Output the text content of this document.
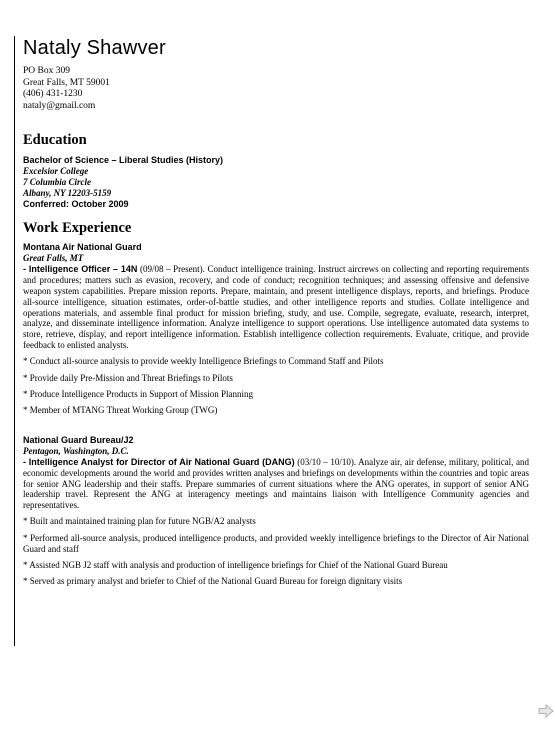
Nataly Shawver
PO Box 309
Great Falls, MT 59001
(406) 431-1230
nataly@gmail.com
Education
Bachelor of Science – Liberal Studies (History)
Excelsior College
7 Columbia Circle
Albany, NY 12203-5159
Conferred: October 2009
Work Experience
Montana Air National Guard
Great Falls, MT
- Intelligence Officer – 14N (09/08 – Present). Conduct intelligence training. Instruct aircrews on collecting and reporting requirements and procedures; matters such as evasion, recovery, and code of conduct; recognition techniques; and assessing offensive and defensive weapon system capabilities. Prepare mission reports. Prepare, maintain, and present intelligence displays, reports, and briefings. Produce all-source intelligence, situation estimates, order-of-battle studies, and other intelligence reports and studies. Collate intelligence and operations materials, and assemble final product for mission briefing, study, and use. Compile, segregate, evaluate, research, interpret, analyze, and disseminate intelligence information. Analyze intelligence to support operations. Use intelligence automated data systems to store, retrieve, display, and report intelligence information. Establish intelligence collection requirements. Evaluate, critique, and provide feedback to enlisted analysts.
* Conduct all-source analysis to provide weekly Intelligence Briefings to Command Staff and Pilots
* Provide daily Pre-Mission and Threat Briefings to Pilots
* Produce Intelligence Products in Support of Mission Planning
* Member of MTANG Threat Working Group (TWG)
National Guard Bureau/J2
Pentagon, Washington, D.C.
- Intelligence Analyst for Director of Air National Guard (DANG) (03/10 – 10/10). Analyze air, air defense, military, political, and economic developments around the world and provides written analyses and briefings on developments within the countries and topic areas for senior ANG leadership and their staffs. Prepare summaries of current situations where the ANG operates, in support of senior ANG leadership travel. Represent the ANG at interagency meetings and maintains liaison with Intelligence Community agencies and representatives.
* Built and maintained training plan for future NGB/A2 analysts
* Performed all-source analysis, produced intelligence products, and provided weekly intelligence briefings to the Director of Air National Guard and staff
* Assisted NGB J2 staff with analysis and production of intelligence briefings for Chief of the National Guard Bureau
* Served as primary analyst and briefer to Chief of the National Guard Bureau for foreign dignitary visits
